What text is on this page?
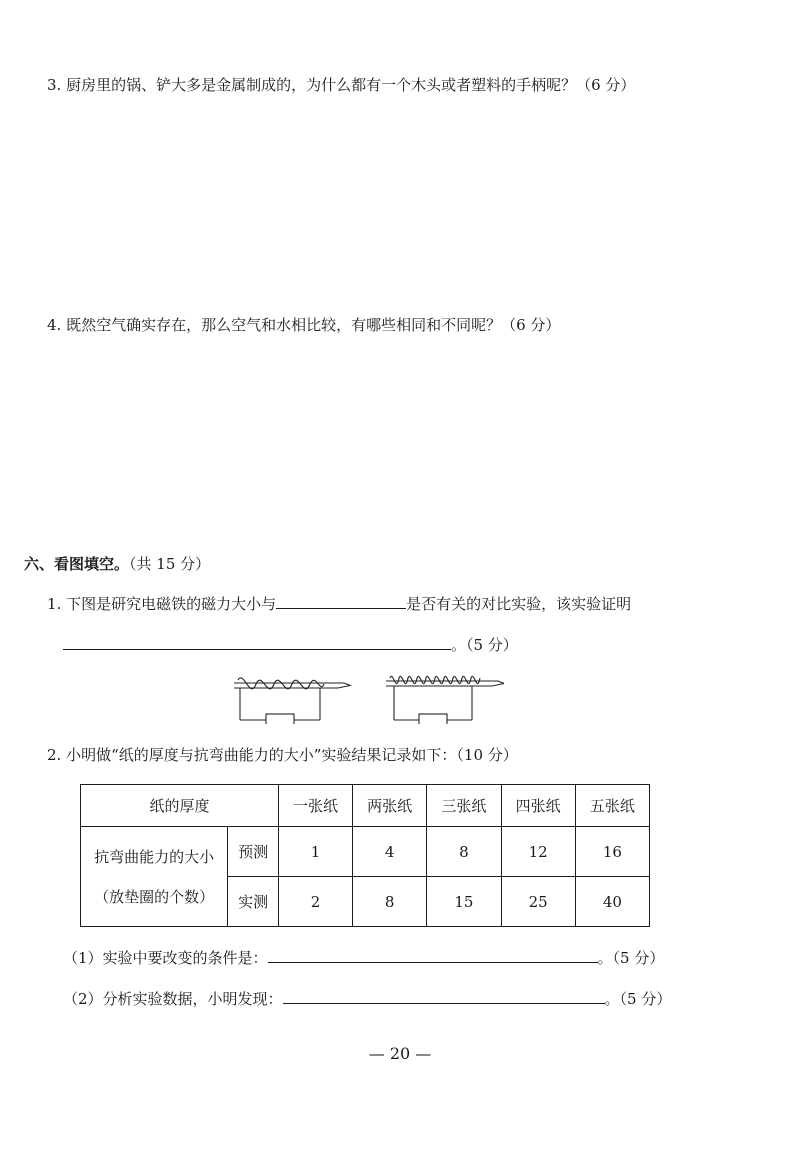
3. 厨房里的锅、铲大多是金属制成的，为什么都有一个木头或者塑料的手柄呢？（6 分）
4. 既然空气确实存在，那么空气和水相比较，有哪些相同和不同呢？（6 分）
六、看图填空。（共 15 分）
1. 下图是研究电磁铁的磁力大小与	是否有关的对比实验，该实验证明
。（5 分）
2. 小明做“纸的厚度与抗弯曲能力的大小”实验结果记录如下：（10 分）
纸的厚度		一张纸	两张纸	三张纸	四张纸	五张纸

抗弯曲能力的大小
（放垫圈的个数）	预测	1	4	8	12	16
	实测	2	8	15	25	40
（1）实验中要改变的条件是：	。（5 分）
（2）分析实验数据，小明发现：	。（5 分）
— 20 —
